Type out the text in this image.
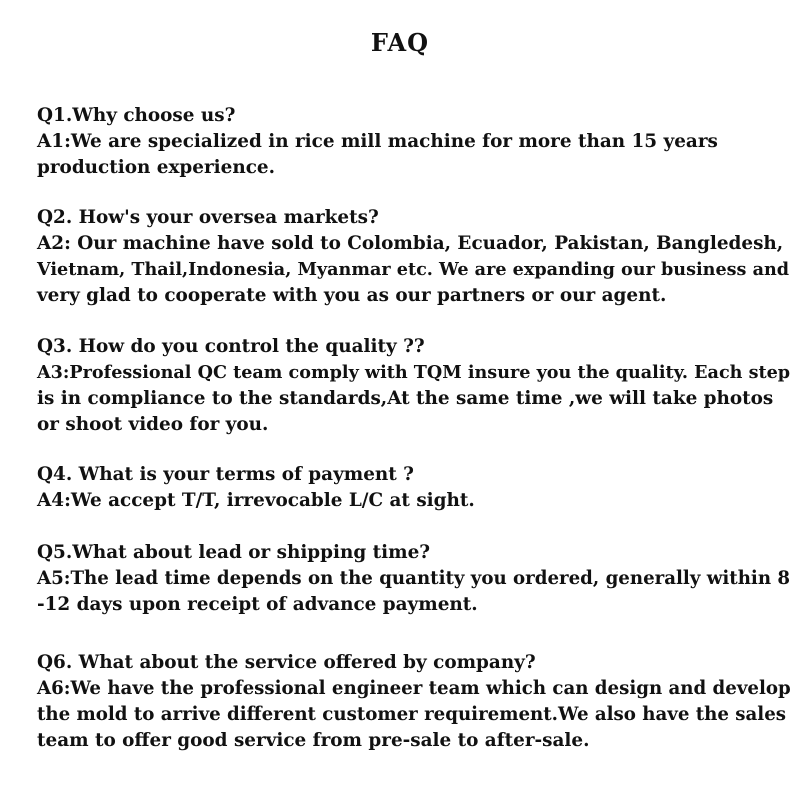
FAQ
Q1.Why choose us?
A1:We are specialized in rice mill machine for more than 15 years
production experience.
Q2. How's your oversea markets?
A2: Our machine have sold to Colombia, Ecuador, Pakistan, Bangledesh,
Vietnam, Thail,Indonesia, Myanmar etc. We are expanding our business and
very glad to cooperate with you as our partners or our agent.
Q3. How do you control the quality ??
A3:Professional QC team comply with TQM insure you the quality. Each step
is in compliance to the standards,At the same time ,we will take photos
or shoot video for you.
Q4. What is your terms of payment ?
A4:We accept T/T, irrevocable L/C at sight.
Q5.What about lead or shipping time?
A5:The lead time depends on the quantity you ordered, generally within 8
-12 days upon receipt of advance payment.
Q6. What about the service offered by company?
A6:We have the professional engineer team which can design and develop
the mold to arrive different customer requirement.We also have the sales
team to offer good service from pre-sale to after-sale.
